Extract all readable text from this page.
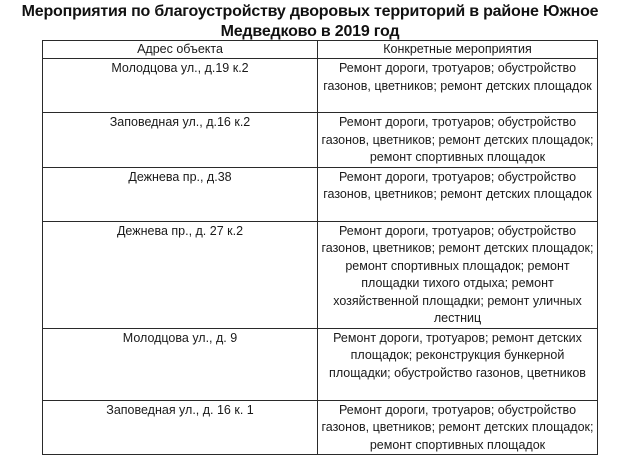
Мероприятия по благоустройству дворовых территорий в районе Южное
Медведково в 2019 год
Адрес объекта	Конкретные мероприятия
Молодцова ул., д.19 к.2	Ремонт дороги, тротуаров; обустройство газонов, цветников; ремонт детских площадок
Заповедная ул., д.16 к.2	Ремонт дороги, тротуаров; обустройство газонов, цветников; ремонт детских площадок; ремонт спортивных площадок
Дежнева пр., д.38	Ремонт дороги, тротуаров; обустройство газонов, цветников; ремонт детских площадок
Дежнева пр., д. 27 к.2	Ремонт дороги, тротуаров; обустройство газонов, цветников; ремонт детских площадок; ремонт спортивных площадок; ремонт площадки тихого отдыха; ремонт хозяйственной площадки; ремонт уличных лестниц
Молодцова ул., д. 9	Ремонт дороги, тротуаров; ремонт детских площадок; реконструкция бункерной площадки; обустройство газонов, цветников
Заповедная ул., д. 16 к. 1	Ремонт дороги, тротуаров; обустройство газонов, цветников; ремонт детских площадок; ремонт спортивных площадок
